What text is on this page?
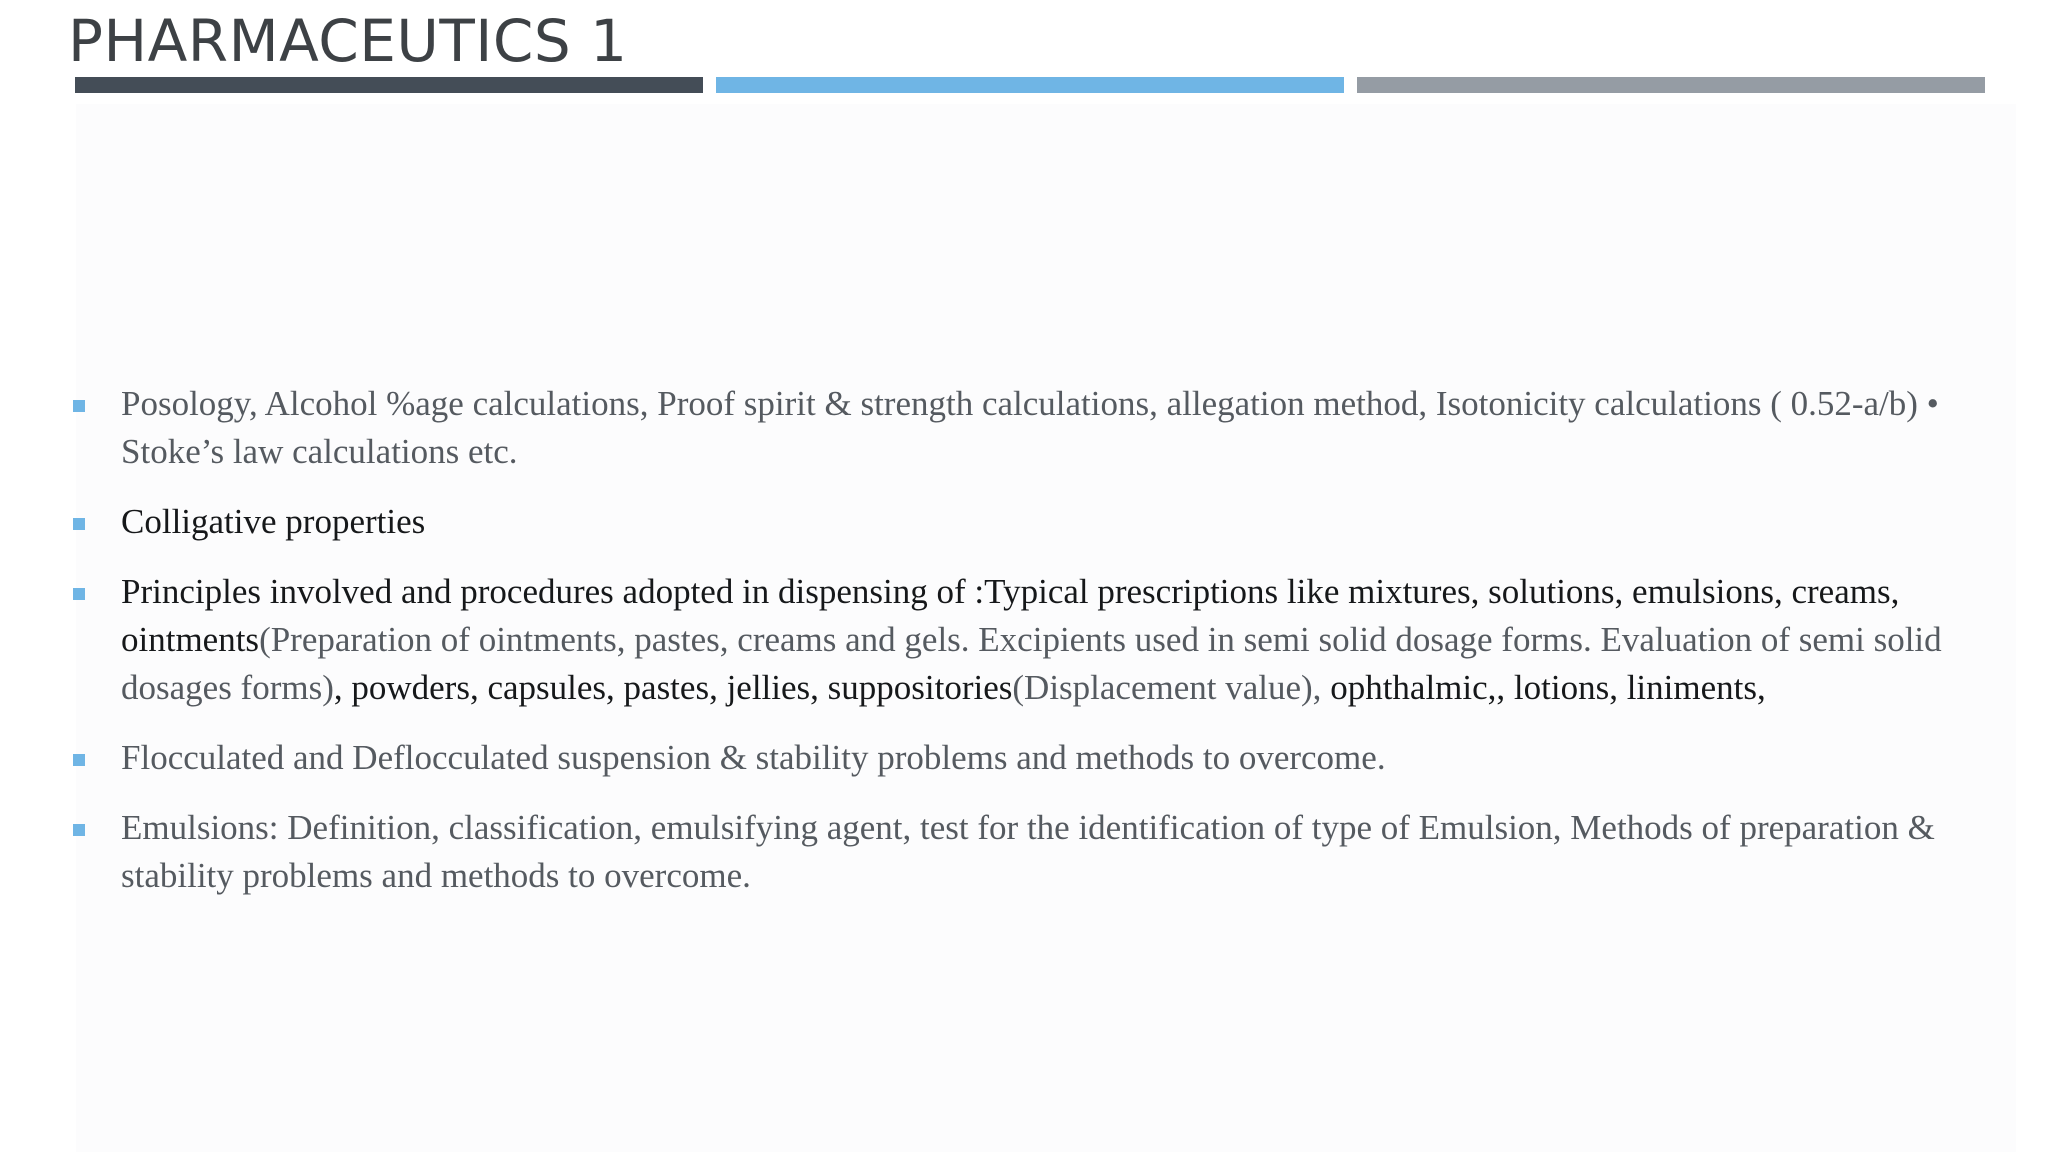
PHARMACEUTICS 1
Posology, Alcohol %age calculations, Proof spirit & strength calculations, allegation method, Isotonicity calculations ( 0.52-a/b) • Stoke’s law calculations etc.
Colligative properties
Principles involved and procedures adopted in dispensing of :Typical prescriptions like mixtures, solutions, emulsions, creams, ointments(Preparation of ointments, pastes, creams and gels. Excipients used in semi solid dosage forms. Evaluation of semi solid dosages forms), powders, capsules, pastes, jellies, suppositories(Displacement value), ophthalmic,, lotions, liniments,
Flocculated and Deflocculated suspension & stability problems and methods to overcome.
Emulsions: Definition, classification, emulsifying agent, test for the identification of type of Emulsion, Methods of preparation & stability problems and methods to overcome.
